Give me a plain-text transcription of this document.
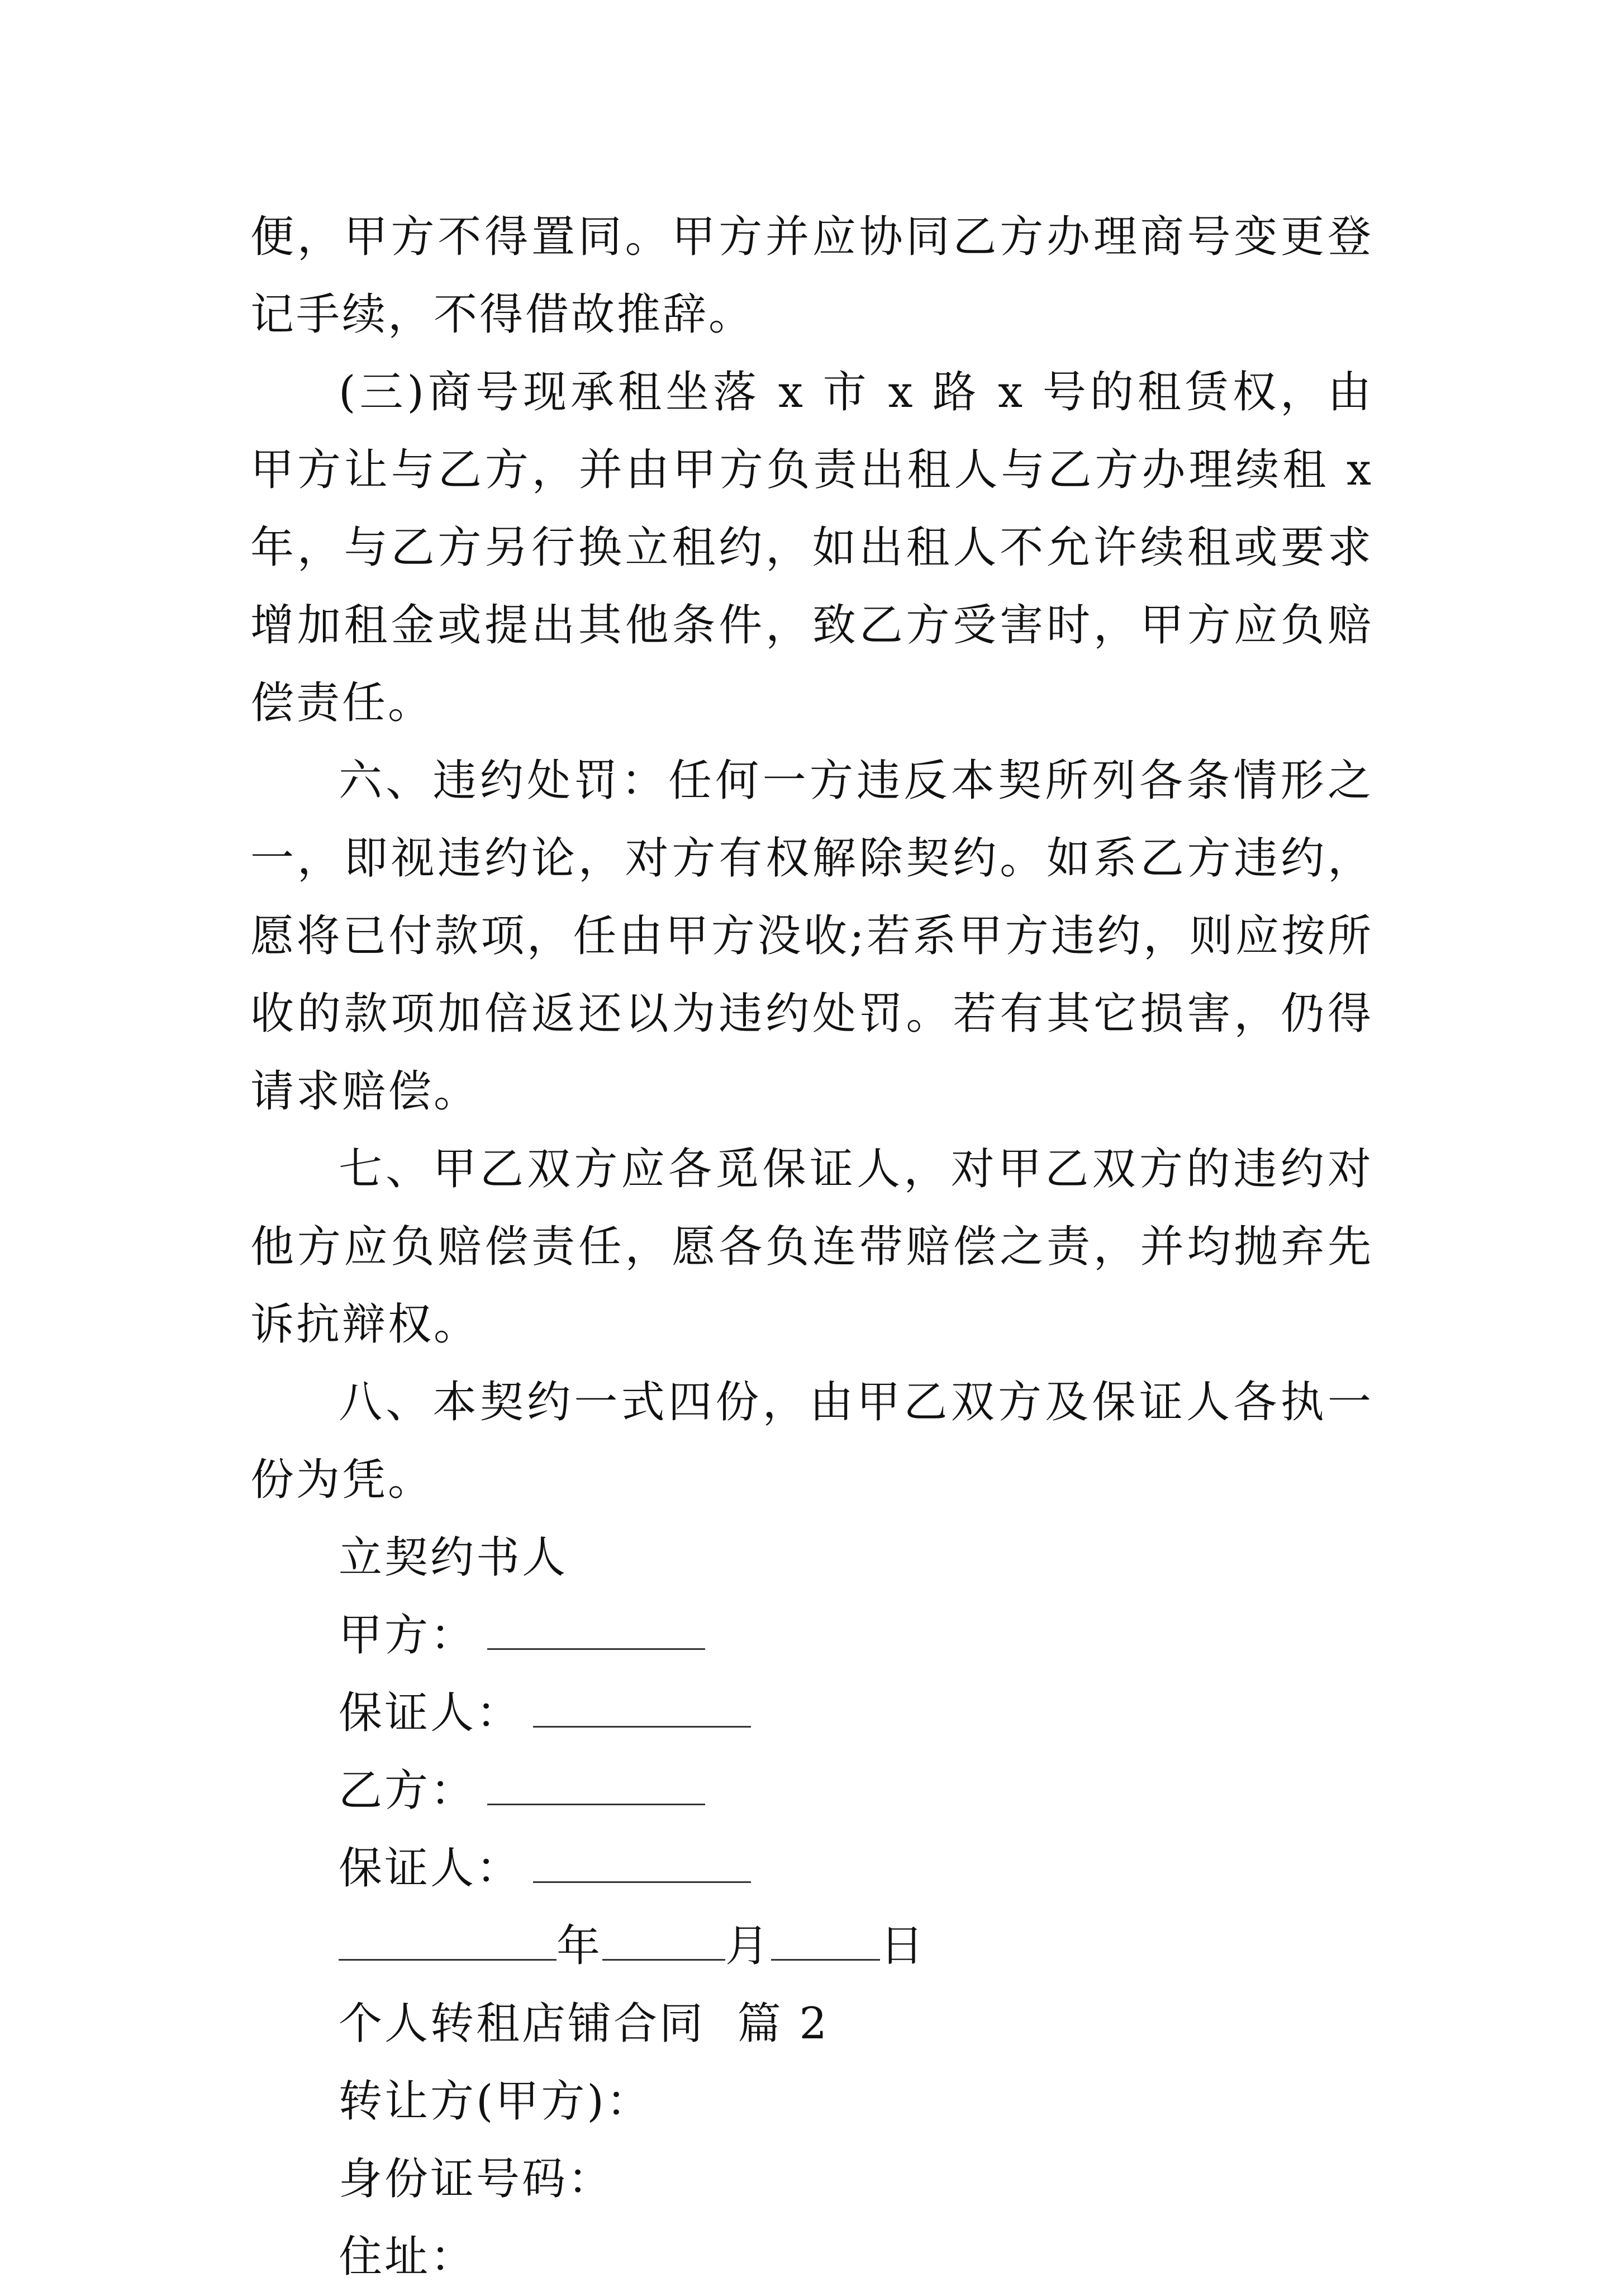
便，甲方不得置同。甲方并应协同乙方办理商号变更登记手续，不得借故推辞。

(三)商号现承租坐落 x 市 x 路 x 号的租赁权，由甲方让与乙方，并由甲方负责出租人与乙方办理续租 x 年，与乙方另行换立租约，如出租人不允许续租或要求增加租金或提出其他条件，致乙方受害时，甲方应负赔偿责任。

六、违约处罚：任何一方违反本契所列各条情形之一，即视违约论，对方有权解除契约。如系乙方违约，愿将已付款项，任由甲方没收;若系甲方违约，则应按所收的款项加倍返还以为违约处罚。若有其它损害，仍得请求赔偿。

七、甲乙双方应各觅保证人，对甲乙双方的违约对他方应负赔偿责任，愿各负连带赔偿之责，并均抛弃先诉抗辩权。

八、本契约一式四份，由甲乙双方及保证人各执一份为凭。

立契约书人

甲方：

保证人：

乙方：

保证人：

年	月	日

个人转租店铺合同  篇 2

转让方(甲方)：

身份证号码：

住址：
